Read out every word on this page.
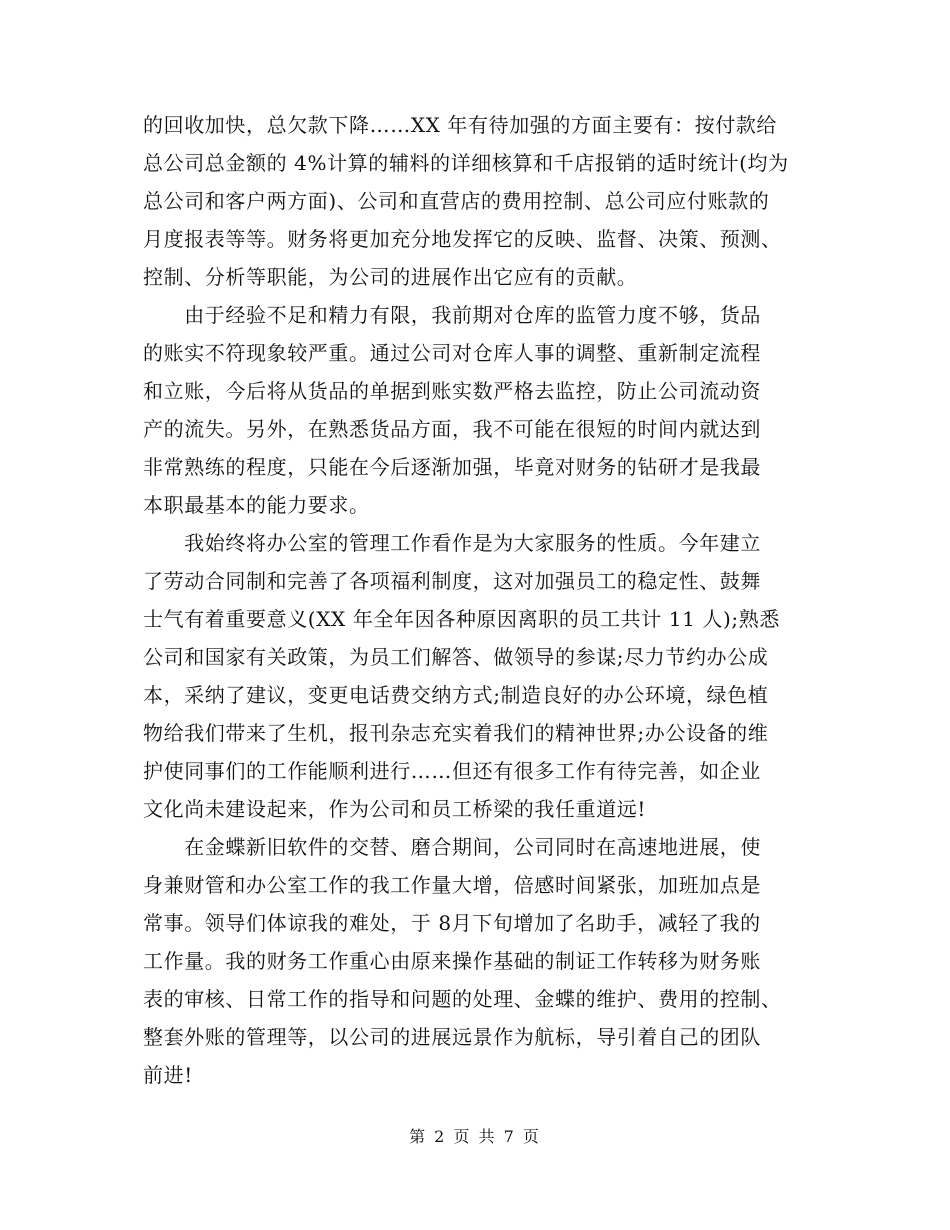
的回收加快，总欠款下降……XX 年有待加强的方面主要有：按付款给
总公司总金额的 4%计算的辅料的详细核算和千店报销的适时统计(均为
总公司和客户两方面)、公司和直营店的费用控制、总公司应付账款的
月度报表等等。财务将更加充分地发挥它的反映、监督、决策、预测、
控制、分析等职能，为公司的进展作出它应有的贡献。
　　由于经验不足和精力有限，我前期对仓库的监管力度不够，货品
的账实不符现象较严重。通过公司对仓库人事的调整、重新制定流程
和立账，今后将从货品的单据到账实数严格去监控，防止公司流动资
产的流失。另外，在熟悉货品方面，我不可能在很短的时间内就达到
非常熟练的程度，只能在今后逐渐加强，毕竟对财务的钻研才是我最
本职最基本的能力要求。
　　我始终将办公室的管理工作看作是为大家服务的性质。今年建立
了劳动合同制和完善了各项福利制度，这对加强员工的稳定性、鼓舞
士气有着重要意义(XX 年全年因各种原因离职的员工共计 11 人);熟悉
公司和国家有关政策，为员工们解答、做领导的参谋;尽力节约办公成
本，采纳了建议，变更电话费交纳方式;制造良好的办公环境，绿色植
物给我们带来了生机，报刊杂志充实着我们的精神世界;办公设备的维
护使同事们的工作能顺利进行……但还有很多工作有待完善，如企业
文化尚未建设起来，作为公司和员工桥梁的我任重道远!
　　在金蝶新旧软件的交替、磨合期间，公司同时在高速地进展，使
身兼财管和办公室工作的我工作量大增，倍感时间紧张，加班加点是
常事。领导们体谅我的难处，于 8月下旬增加了名助手，减轻了我的
工作量。我的财务工作重心由原来操作基础的制证工作转移为财务账
表的审核、日常工作的指导和问题的处理、金蝶的维护、费用的控制、
整套外账的管理等，以公司的进展远景作为航标，导引着自己的团队
前进!
第 2 页 共 7 页
